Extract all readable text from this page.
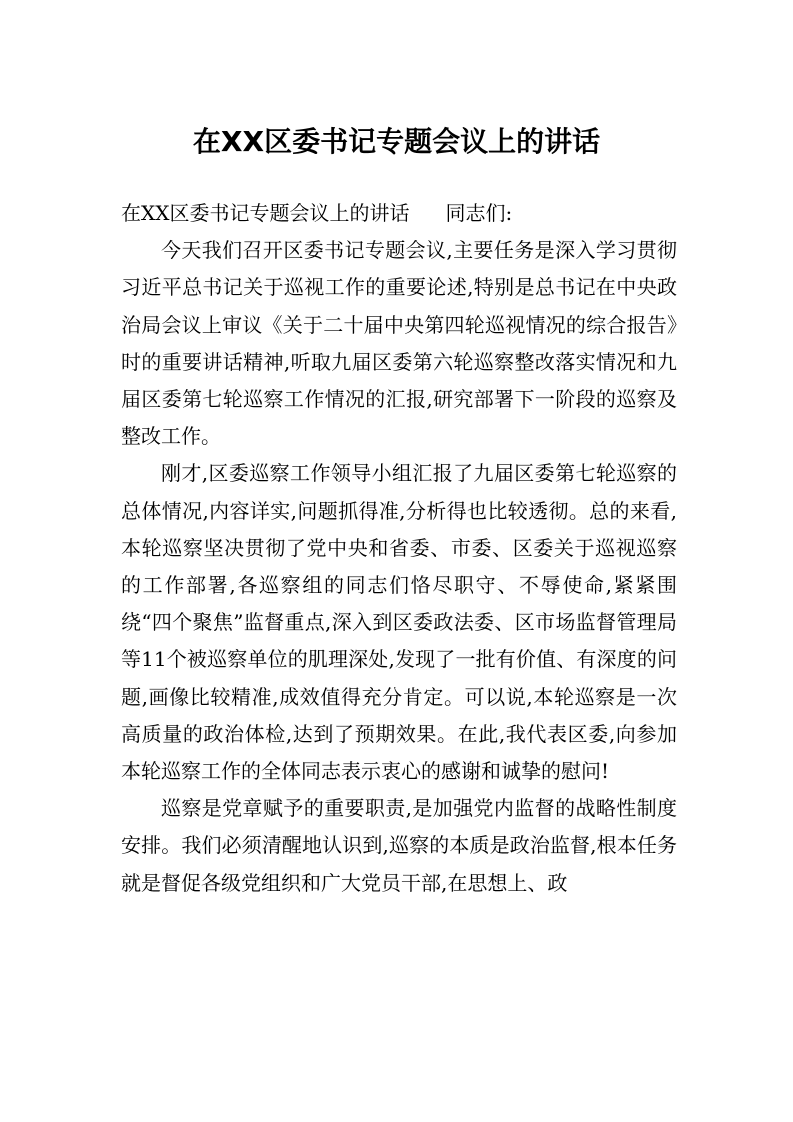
在XX区委书记专题会议上的讲话

在XX区委书记专题会议上的讲话 同志们:

今天我们召开区委书记专题会议,主要任务是深入学习贯彻习近平总书记关于巡视工作的重要论述,特别是总书记在中央政治局会议上审议《关于二十届中央第四轮巡视情况的综合报告》时的重要讲话精神,听取九届区委第六轮巡察整改落实情况和九届区委第七轮巡察工作情况的汇报,研究部署下一阶段的巡察及整改工作。

刚才,区委巡察工作领导小组汇报了九届区委第七轮巡察的总体情况,内容详实,问题抓得准,分析得也比较透彻。总的来看,本轮巡察坚决贯彻了党中央和省委、市委、区委关于巡视巡察的工作部署,各巡察组的同志们恪尽职守、不辱使命,紧紧围绕“四个聚焦”监督重点,深入到区委政法委、区市场监督管理局等11个被巡察单位的肌理深处,发现了一批有价值、有深度的问题,画像比较精准,成效值得充分肯定。可以说,本轮巡察是一次高质量的政治体检,达到了预期效果。在此,我代表区委,向参加本轮巡察工作的全体同志表示衷心的感谢和诚挚的慰问!

巡察是党章赋予的重要职责,是加强党内监督的战略性制度安排。我们必须清醒地认识到,巡察的本质是政治监督,根本任务就是督促各级党组织和广大党员干部,在思想上、政
